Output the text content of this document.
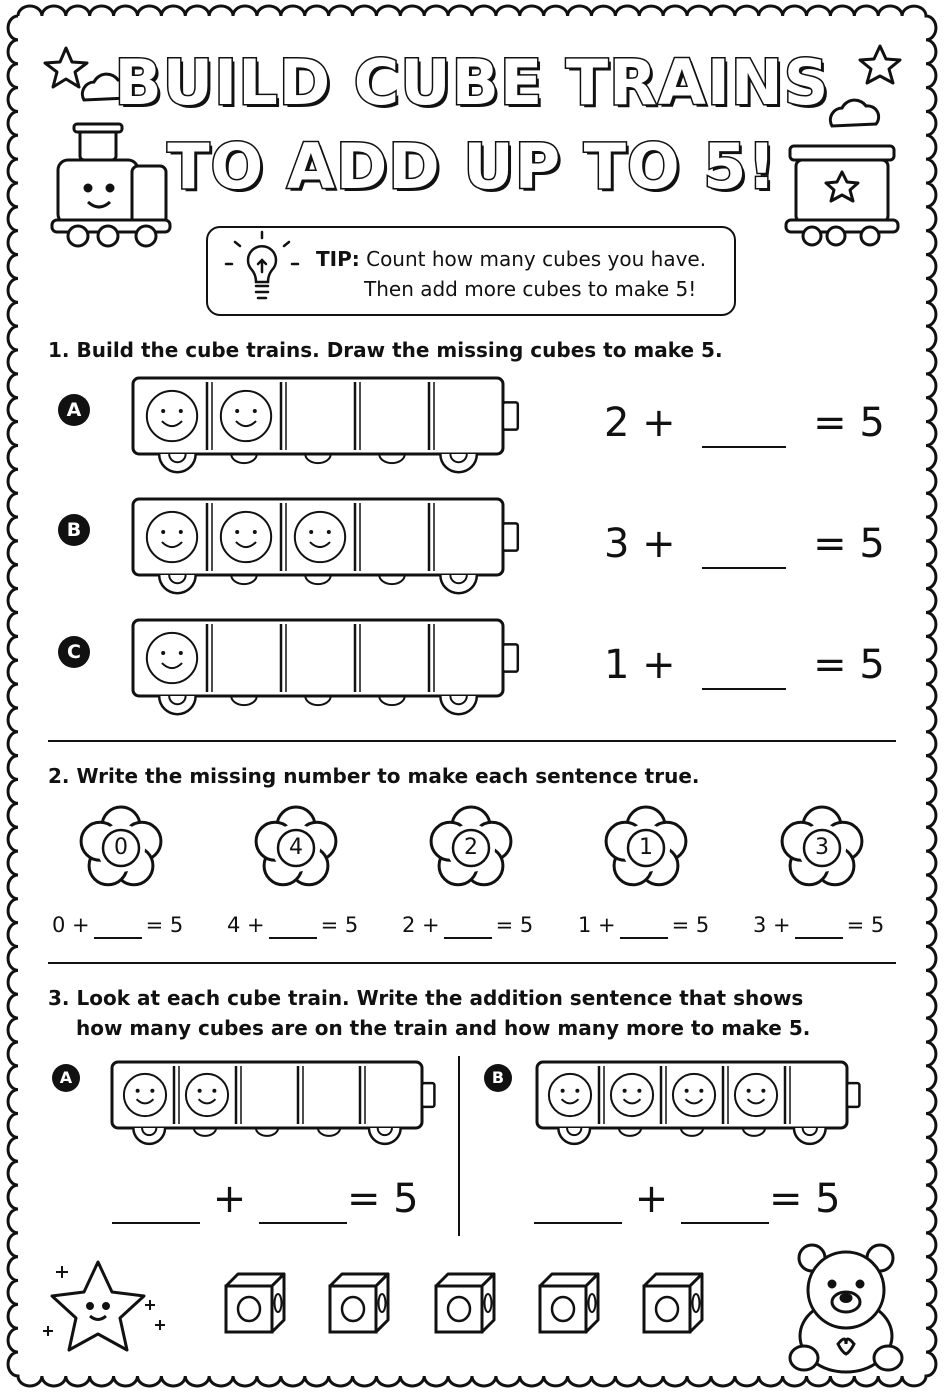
BUILD CUBE TRAINS
TO ADD UP TO 5!
TIP: Count how many cubes you have.
Then add more cubes to make 5!
1. Build the cube trains. Draw the missing cubes to make 5.
A
B
C
2 +	= 5
3 +	= 5
1 +	= 5
2. Write the missing number to make each sentence true.
0	4	2	1	3
0 +	= 5 4 +	= 5 2 +	= 5 1 +	= 5 3 +	= 5
3. Look at each cube train. Write the addition sentence that shows
how many cubes are on the train and how many more to make 5.
A	B
+	= 5	+	= 5
